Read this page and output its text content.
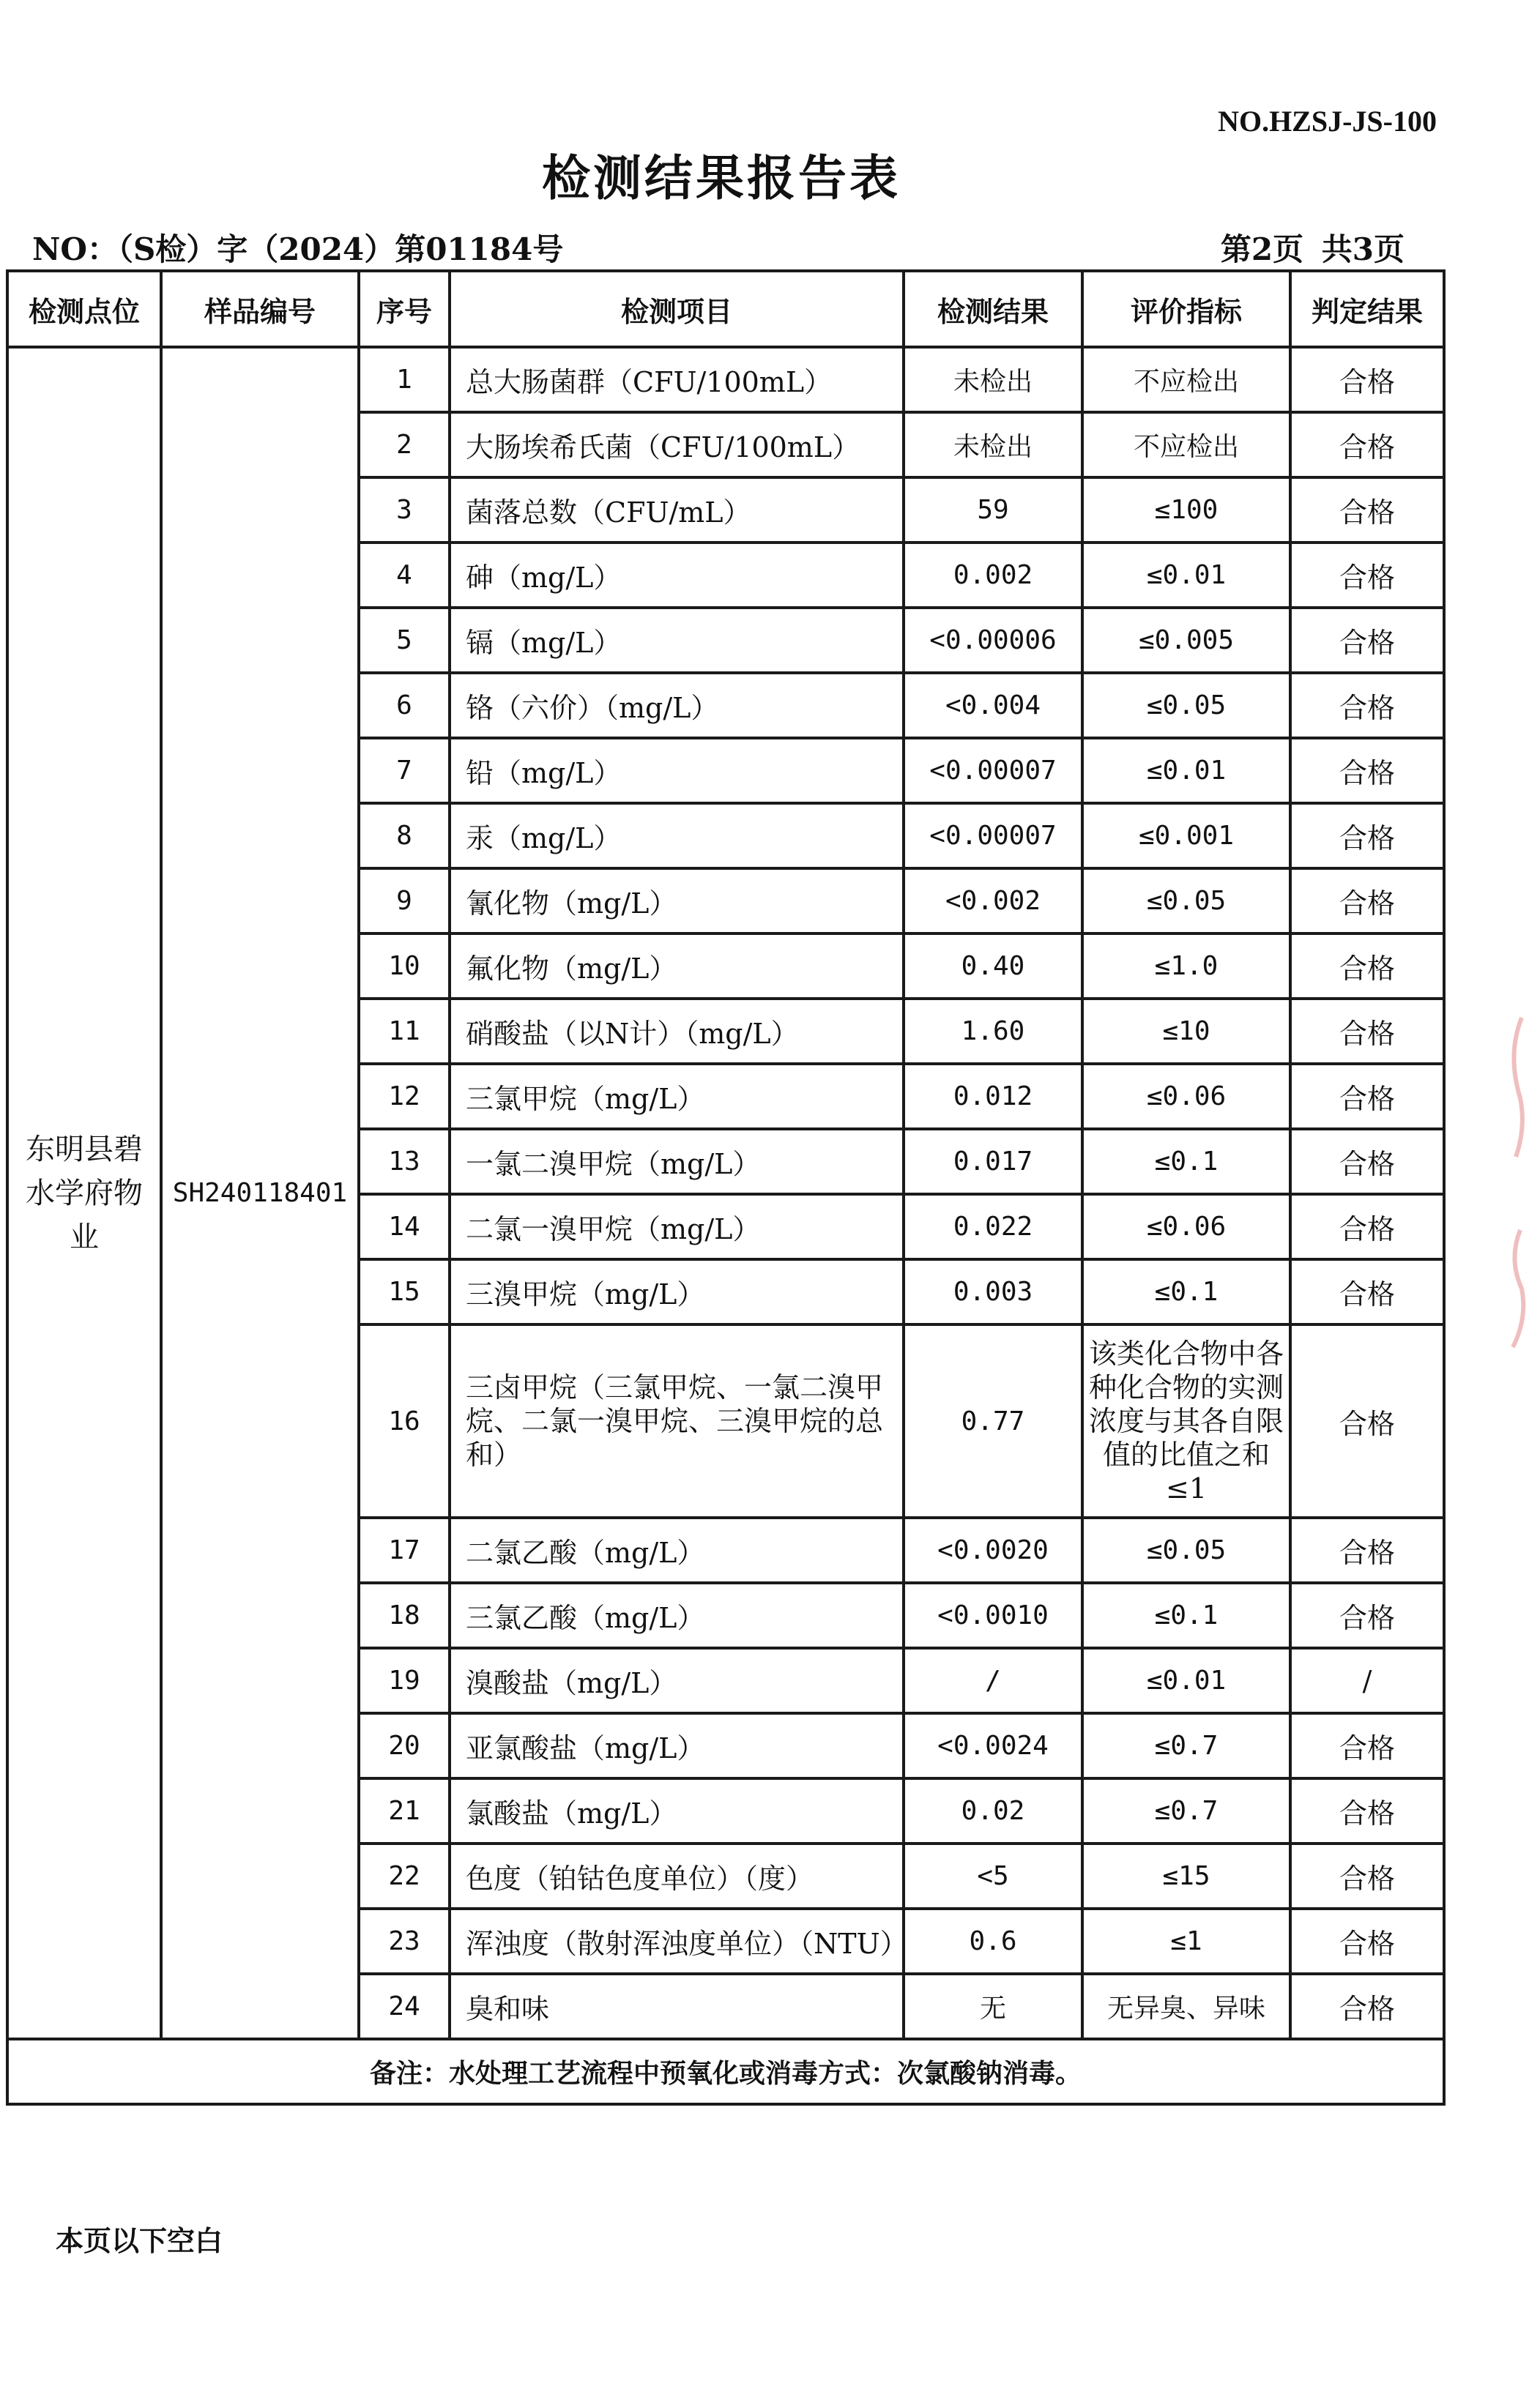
NO.HZSJ-JS-100
检测结果报告表
NO：（S检）字（2024）第01184号	第2页 共3页
检测点位	样品编号	序号	检测项目	检测结果	评价指标	判定结果
东明县碧水学府物业	SH240118401	1	总大肠菌群（CFU/100mL）	未检出	不应检出	合格
		2	大肠埃希氏菌（CFU/100mL）	未检出	不应检出	合格
		3	菌落总数（CFU/mL）	59	≤100	合格
		4	砷（mg/L）	0.002	≤0.01	合格
		5	镉（mg/L）	<0.00006	≤0.005	合格
		6	铬（六价）（mg/L）	<0.004	≤0.05	合格
		7	铅（mg/L）	<0.00007	≤0.01	合格
		8	汞（mg/L）	<0.00007	≤0.001	合格
		9	氰化物（mg/L）	<0.002	≤0.05	合格
		10	氟化物（mg/L）	0.40	≤1.0	合格
		11	硝酸盐（以N计）（mg/L）	1.60	≤10	合格
		12	三氯甲烷（mg/L）	0.012	≤0.06	合格
		13	一氯二溴甲烷（mg/L）	0.017	≤0.1	合格
		14	二氯一溴甲烷（mg/L）	0.022	≤0.06	合格
		15	三溴甲烷（mg/L）	0.003	≤0.1	合格
		16	三卤甲烷（三氯甲烷、一氯二溴甲烷、二氯一溴甲烷、三溴甲烷的总和）	0.77	该类化合物中各种化合物的实测浓度与其各自限值的比值之和≤1	合格
		17	二氯乙酸（mg/L）	<0.0020	≤0.05	合格
		18	三氯乙酸（mg/L）	<0.0010	≤0.1	合格
		19	溴酸盐（mg/L）	/	≤0.01	/
		20	亚氯酸盐（mg/L）	<0.0024	≤0.7	合格
		21	氯酸盐（mg/L）	0.02	≤0.7	合格
		22	色度（铂钴色度单位）（度）	<5	≤15	合格
		23	浑浊度（散射浑浊度单位）（NTU）	0.6	≤1	合格
		24	臭和味	无	无异臭、异味	合格
备注：水处理工艺流程中预氧化或消毒方式：次氯酸钠消毒。						
本页以下空白
